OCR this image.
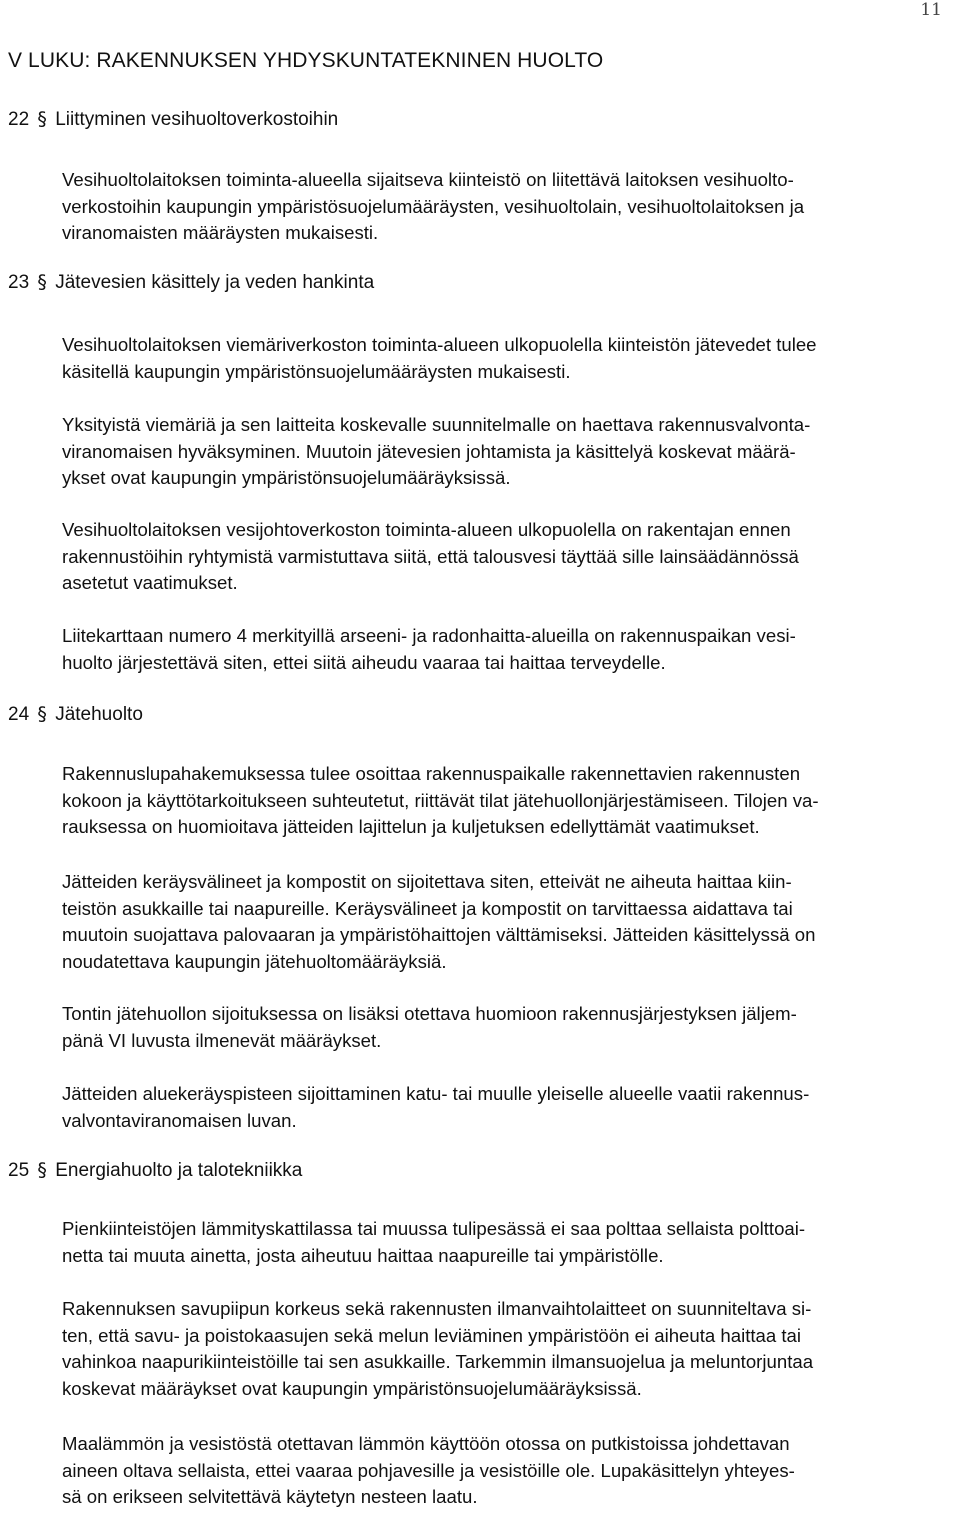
11
V LUKU: RAKENNUKSEN YHDYSKUNTATEKNINEN HUOLTO
22 § Liittyminen vesihuoltoverkostoihin

Vesihuoltolaitoksen toiminta-alueella sijaitseva kiinteistö on liitettävä laitoksen vesihuolto-
verkostoihin kaupungin ympäristösuojelumääräysten, vesihuoltolain, vesihuoltolaitoksen ja
viranomaisten määräysten mukaisesti.

23 § Jätevesien käsittely ja veden hankinta

Vesihuoltolaitoksen viemäriverkoston toiminta-alueen ulkopuolella kiinteistön jätevedet tulee
käsitellä kaupungin ympäristönsuojelumääräysten mukaisesti.

Yksityistä viemäriä ja sen laitteita koskevalle suunnitelmalle on haettava rakennusvalvonta-
viranomaisen hyväksyminen. Muutoin jätevesien johtamista ja käsittelyä koskevat määrä-
ykset ovat kaupungin ympäristönsuojelumääräyksissä.

Vesihuoltolaitoksen vesijohtoverkoston toiminta-alueen ulkopuolella on rakentajan ennen
rakennustöihin ryhtymistä varmistuttava siitä, että talousvesi täyttää sille lainsäädännössä
asetetut vaatimukset.

Liitekarttaan numero 4 merkityillä arseeni- ja radonhaitta-alueilla on rakennuspaikan vesi-
huolto järjestettävä siten, ettei siitä aiheudu vaaraa tai haittaa terveydelle.

24 § Jätehuolto

Rakennuslupahakemuksessa tulee osoittaa rakennuspaikalle rakennettavien rakennusten
kokoon ja käyttötarkoitukseen suhteutetut, riittävät tilat jätehuollonjärjestämiseen. Tilojen va-
rauksessa on huomioitava jätteiden lajittelun ja kuljetuksen edellyttämät vaatimukset.

Jätteiden keräysvälineet ja kompostit on sijoitettava siten, etteivät ne aiheuta haittaa kiin-
teistön asukkaille tai naapureille. Keräysvälineet ja kompostit on tarvittaessa aidattava tai
muutoin suojattava palovaaran ja ympäristöhaittojen välttämiseksi. Jätteiden käsittelyssä on
noudatettava kaupungin jätehuoltomääräyksiä.

Tontin jätehuollon sijoituksessa on lisäksi otettava huomioon rakennusjärjestyksen jäljem-
pänä VI luvusta ilmenevät määräykset.

Jätteiden aluekeräyspisteen sijoittaminen katu- tai muulle yleiselle alueelle vaatii rakennus-
valvontaviranomaisen luvan.

25 § Energiahuolto ja talotekniikka

Pienkiinteistöjen lämmityskattilassa tai muussa tulipesässä ei saa polttaa sellaista polttoai-
netta tai muuta ainetta, josta aiheutuu haittaa naapureille tai ympäristölle.

Rakennuksen savupiipun korkeus sekä rakennusten ilmanvaihtolaitteet on suunniteltava si-
ten, että savu- ja poistokaasujen sekä melun leviäminen ympäristöön ei aiheuta haittaa tai
vahinkoa naapurikiinteistöille tai sen asukkaille. Tarkemmin ilmansuojelua ja meluntorjuntaa
koskevat määräykset ovat kaupungin ympäristönsuojelumääräyksissä.

Maalämmön ja vesistöstä otettavan lämmön käyttöön otossa on putkistoissa johdettavan
aineen oltava sellaista, ettei vaaraa pohjavesille ja vesistöille ole. Lupakäsittelyn yhteyes-
sä on erikseen selvitettävä käytetyn nesteen laatu.
